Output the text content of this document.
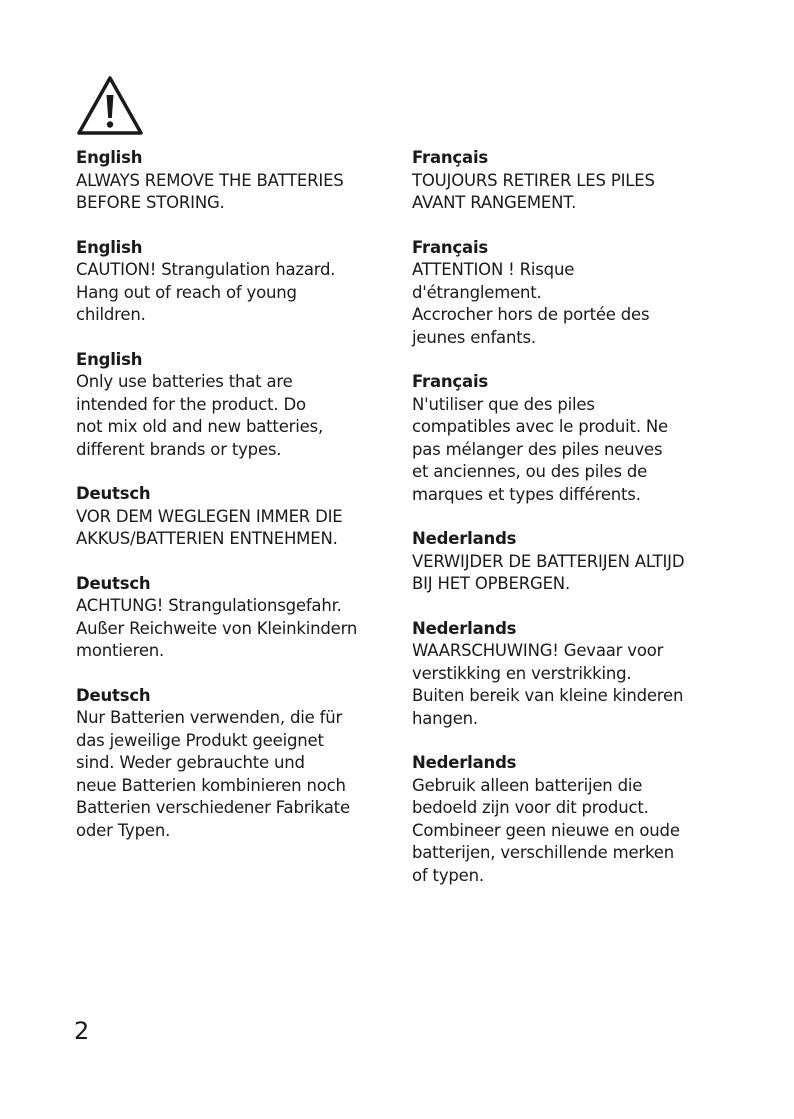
English
ALWAYS REMOVE THE BATTERIES
BEFORE STORING.
English
CAUTION! Strangulation hazard.
Hang out of reach of young
children.
English
Only use batteries that are
intended for the product. Do
not mix old and new batteries,
different brands or types.
Deutsch
VOR DEM WEGLEGEN IMMER DIE
AKKUS/BATTERIEN ENTNEHMEN.
Deutsch
ACHTUNG! Strangulationsgefahr.
Außer Reichweite von Kleinkindern
montieren.
Deutsch
Nur Batterien verwenden, die für
das jeweilige Produkt geeignet
sind. Weder gebrauchte und
neue Batterien kombinieren noch
Batterien verschiedener Fabrikate
oder Typen.
Français
TOUJOURS RETIRER LES PILES
AVANT RANGEMENT.
Français
ATTENTION ! Risque
d'étranglement.
Accrocher hors de portée des
jeunes enfants.
Français
N'utiliser que des piles
compatibles avec le produit. Ne
pas mélanger des piles neuves
et anciennes, ou des piles de
marques et types différents.
Nederlands
VERWIJDER DE BATTERIJEN ALTIJD
BIJ HET OPBERGEN.
Nederlands
WAARSCHUWING! Gevaar voor
verstikking en verstrikking.
Buiten bereik van kleine kinderen
hangen.
Nederlands
Gebruik alleen batterijen die
bedoeld zijn voor dit product.
Combineer geen nieuwe en oude
batterijen, verschillende merken
of typen.
2
